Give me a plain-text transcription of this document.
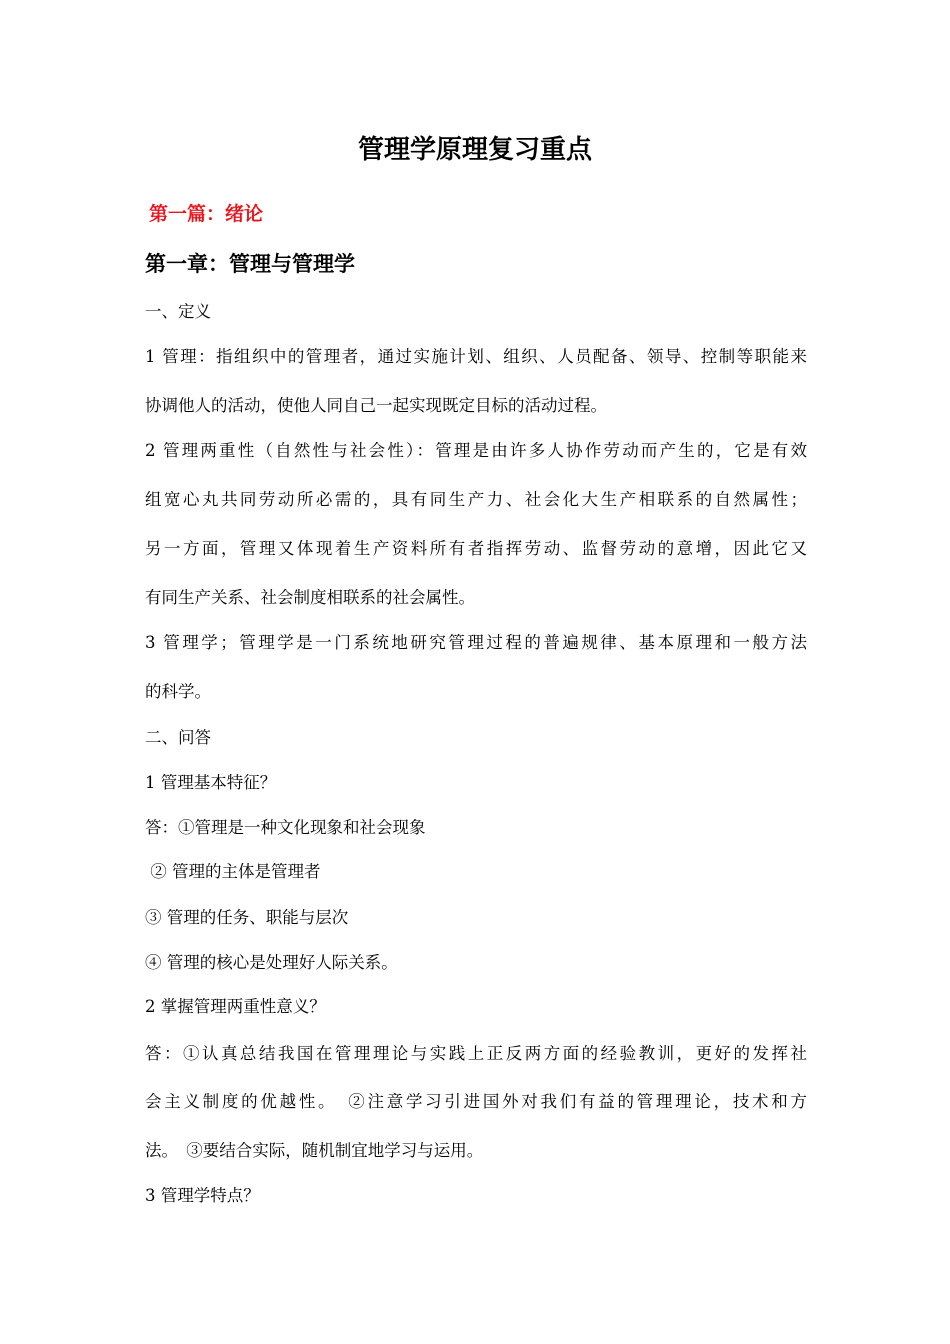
管理学原理复习重点
第一篇：绪论
第一章：管理与管理学
一、定义
1 管理：指组织中的管理者，通过实施计划、组织、人员配备、领导、控制等职能来
协调他人的活动，使他人同自己一起实现既定目标的活动过程。
2 管理两重性（自然性与社会性）：管理是由许多人协作劳动而产生的，它是有效
组宽心丸共同劳动所必需的，具有同生产力、社会化大生产相联系的自然属性；
另一方面，管理又体现着生产资料所有者指挥劳动、监督劳动的意增，因此它又
有同生产关系、社会制度相联系的社会属性。
3 管理学；管理学是一门系统地研究管理过程的普遍规律、基本原理和一般方法
的科学。
二、问答
1 管理基本特征？
答：①管理是一种文化现象和社会现象
② 管理的主体是管理者
③ 管理的任务、职能与层次
④ 管理的核心是处理好人际关系。
2 掌握管理两重性意义？
答：①认真总结我国在管理理论与实践上正反两方面的经验教训，更好的发挥社
会主义制度的优越性。　②注意学习引进国外对我们有益的管理理论，技术和方
法。　③要结合实际，随机制宜地学习与运用。
3 管理学特点？
